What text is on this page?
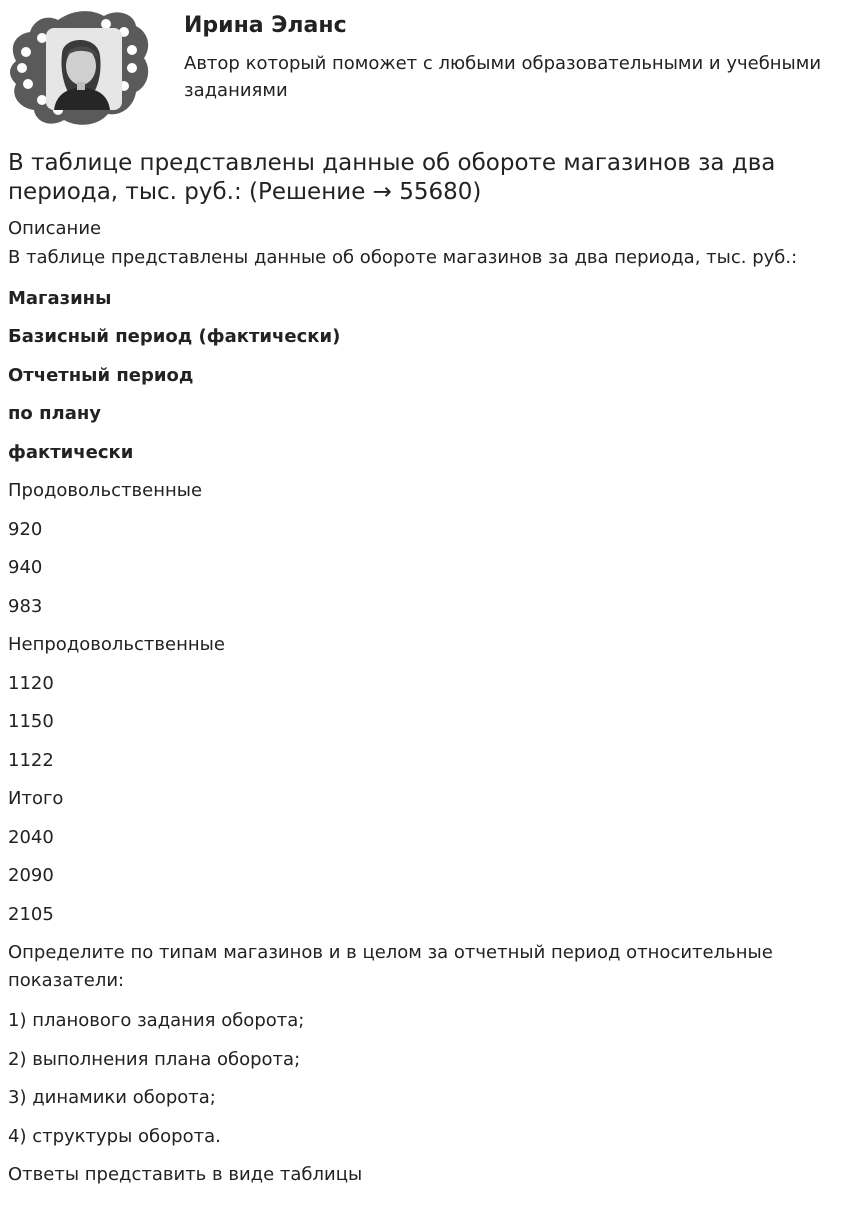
Ирина Эланс
Автор который поможет с любыми образовательными и учебными заданиями
В таблице представлены данные об обороте магазинов за два периода, тыс. руб.: (Решение → 55680)
Описание
В таблице представлены данные об обороте магазинов за два периода, тыс. руб.:
Магазины
Базисный период (фактически)
Отчетный период
по плану
фактически
Продовольственные
920
940
983
Непродовольственные
1120
1150
1122
Итого
2040
2090
2105
Определите по типам магазинов и в целом за отчетный период относительные показатели:
1) планового задания оборота;
2) выполнения плана оборота;
3) динамики оборота;
4) структуры оборота.
Ответы представить в виде таблицы
